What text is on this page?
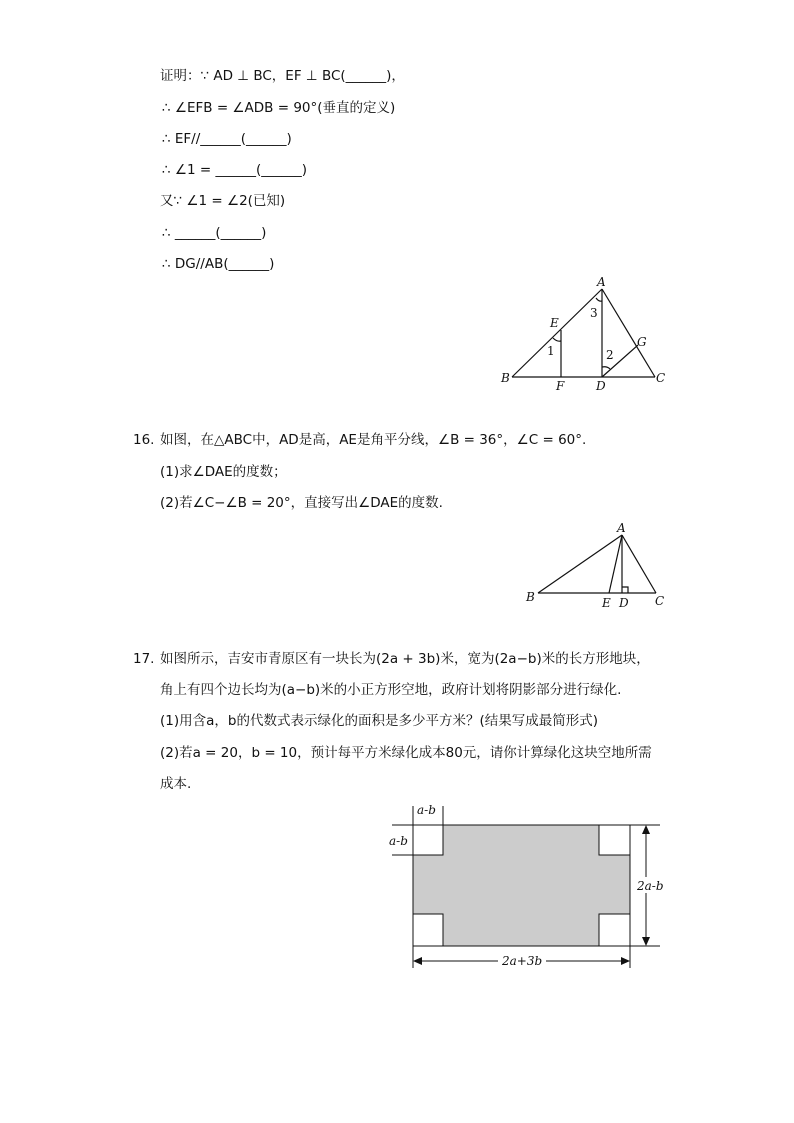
证明：∵ AD ⊥ BC，EF ⊥ BC(______)，
∴ ∠EFB = ∠ADB = 90°(垂直的定义)
∴ EF//______(______)
∴ ∠1 = ______(______)
又∵ ∠1 = ∠2(已知)
∴ ______(______)
∴ DG//AB(______)
A
E
G
B
F	D
C
1	2
3
16. 如图，在△ABC中，AD是高，AE是角平分线，∠B = 36°，∠C = 60°.
(1)求∠DAE的度数；
(2)若∠C−∠B = 20°，直接写出∠DAE的度数.
A
B	E D C
17. 如图所示，吉安市青原区有一块长为(2a + 3b)米，宽为(2a−b)米的长方形地块，
角上有四个边长均为(a−b)米的小正方形空地，政府计划将阴影部分进行绿化.
(1)用含a，b的代数式表示绿化的面积是多少平方米？(结果写成最简形式)
(2)若a = 20，b = 10，预计每平方米绿化成本80元，请你计算绿化这块空地所需
成本.
a-b
a-b
2a-b
2a+3b
